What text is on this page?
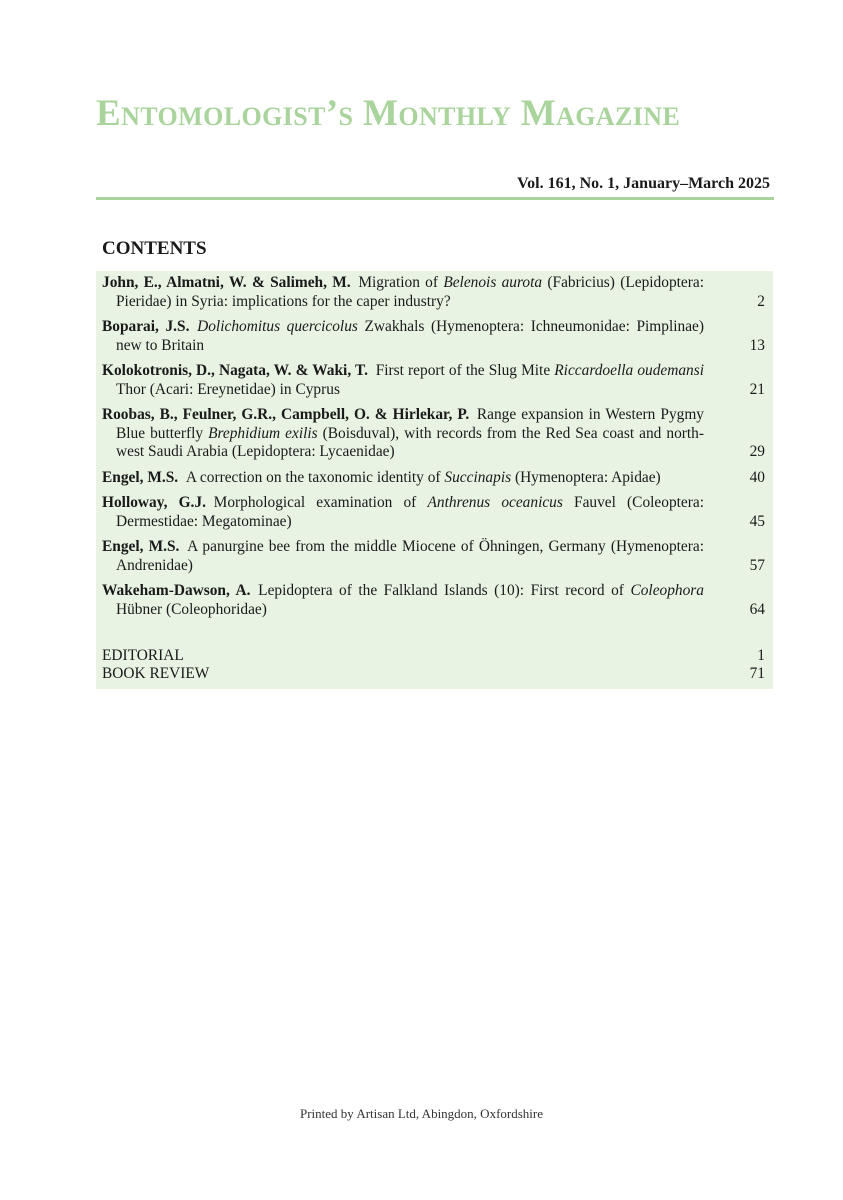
Entomologist’s Monthly Magazine
Vol. 161, No. 1, January–March 2025
CONTENTS
John, E., Almatni, W. & Salimeh, M.  Migration of Belenois aurota (Fabricius) (Lepidoptera: Pieridae) in Syria: implications for the caper industry?	2
Boparai, J.S.  Dolichomitus quercicolus Zwakhals (Hymenoptera: Ichneumonidae: Pimplinae) new to Britain	13
Kolokotronis, D., Nagata, W. & Waki, T.  First report of the Slug Mite Riccardoella oudemansi Thor (Acari: Ereynetidae) in Cyprus	21
Roobas, B., Feulner, G.R., Campbell, O. & Hirlekar, P.  Range expansion in Western Pygmy Blue butterfly Brephidium exilis (Boisduval), with records from the Red Sea coast and north-west Saudi Arabia (Lepidoptera: Lycaenidae)	29
Engel, M.S.  A correction on the taxonomic identity of Succinapis (Hymenoptera: Apidae)	40
Holloway, G.J.  Morphological examination of Anthrenus oceanicus Fauvel (Coleoptera: Dermestidae: Megatominae)	45
Engel, M.S.  A panurgine bee from the middle Miocene of Öhningen, Germany (Hymenoptera: Andrenidae)	57
Wakeham-Dawson, A.  Lepidoptera of the Falkland Islands (10): First record of Coleophora Hübner (Coleophoridae)	64
EDITORIAL	1
BOOK REVIEW	71
Printed by Artisan Ltd, Abingdon, Oxfordshire
